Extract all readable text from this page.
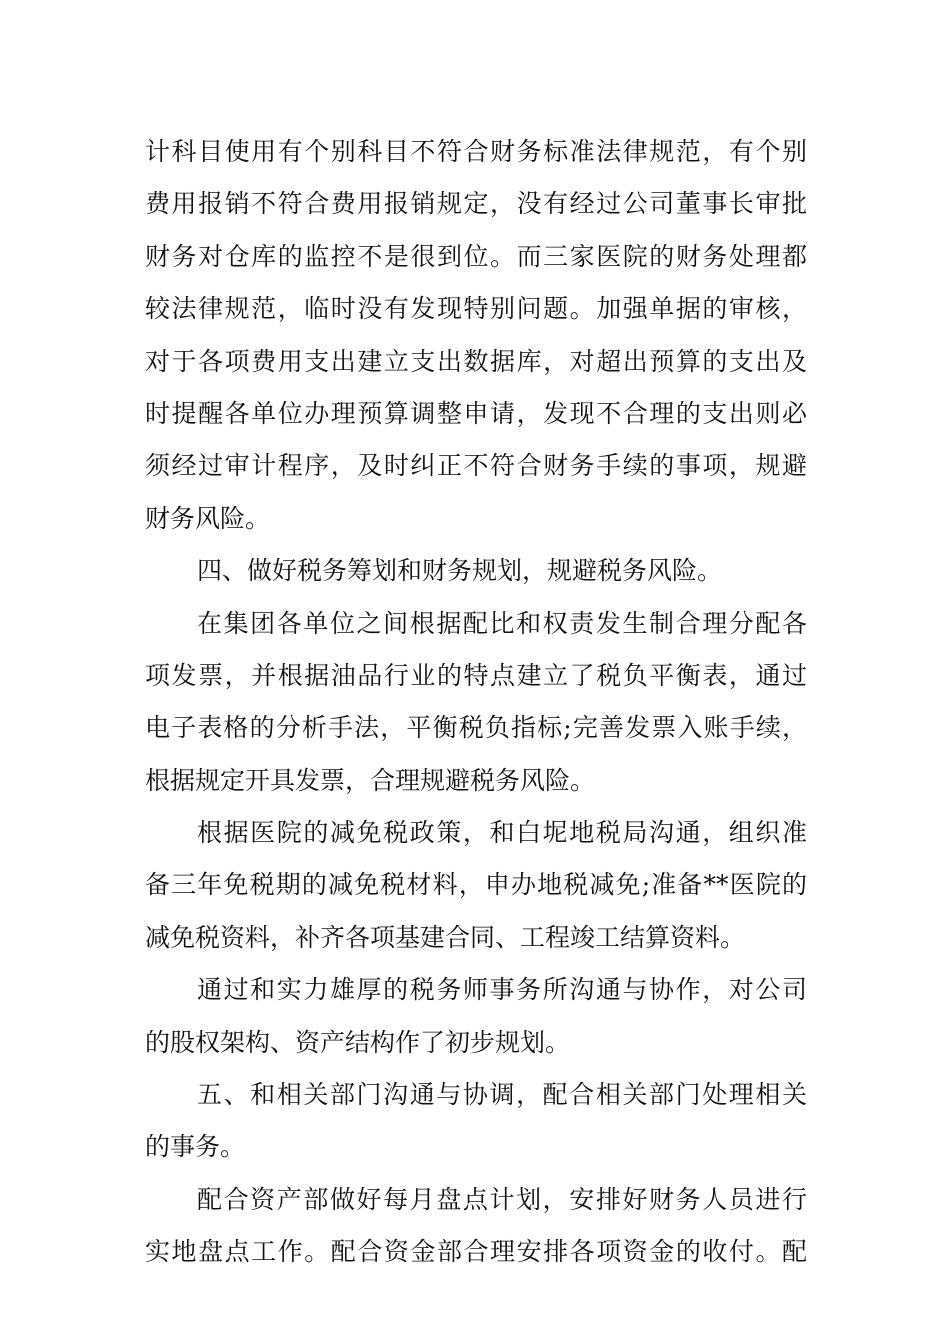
计科目使用有个别科目不符合财务标准法律规范，有个别
费用报销不符合费用报销规定，没有经过公司董事长审批
财务对仓库的监控不是很到位。而三家医院的财务处理都
较法律规范，临时没有发现特别问题。加强单据的审核，
对于各项费用支出建立支出数据库，对超出预算的支出及
时提醒各单位办理预算调整申请，发现不合理的支出则必
须经过审计程序，及时纠正不符合财务手续的事项，规避
财务风险。
四、做好税务筹划和财务规划，规避税务风险。
在集团各单位之间根据配比和权责发生制合理分配各
项发票，并根据油品行业的特点建立了税负平衡表，通过
电子表格的分析手法，平衡税负指标;完善发票入账手续，
根据规定开具发票，合理规避税务风险。
根据医院的减免税政策，和白坭地税局沟通，组织准
备三年免税期的减免税材料，申办地税减免;准备**医院的
减免税资料，补齐各项基建合同、工程竣工结算资料。
通过和实力雄厚的税务师事务所沟通与协作，对公司
的股权架构、资产结构作了初步规划。
五、和相关部门沟通与协调，配合相关部门处理相关
的事务。
配合资产部做好每月盘点计划，安排好财务人员进行
实地盘点工作。配合资金部合理安排各项资金的收付。配
